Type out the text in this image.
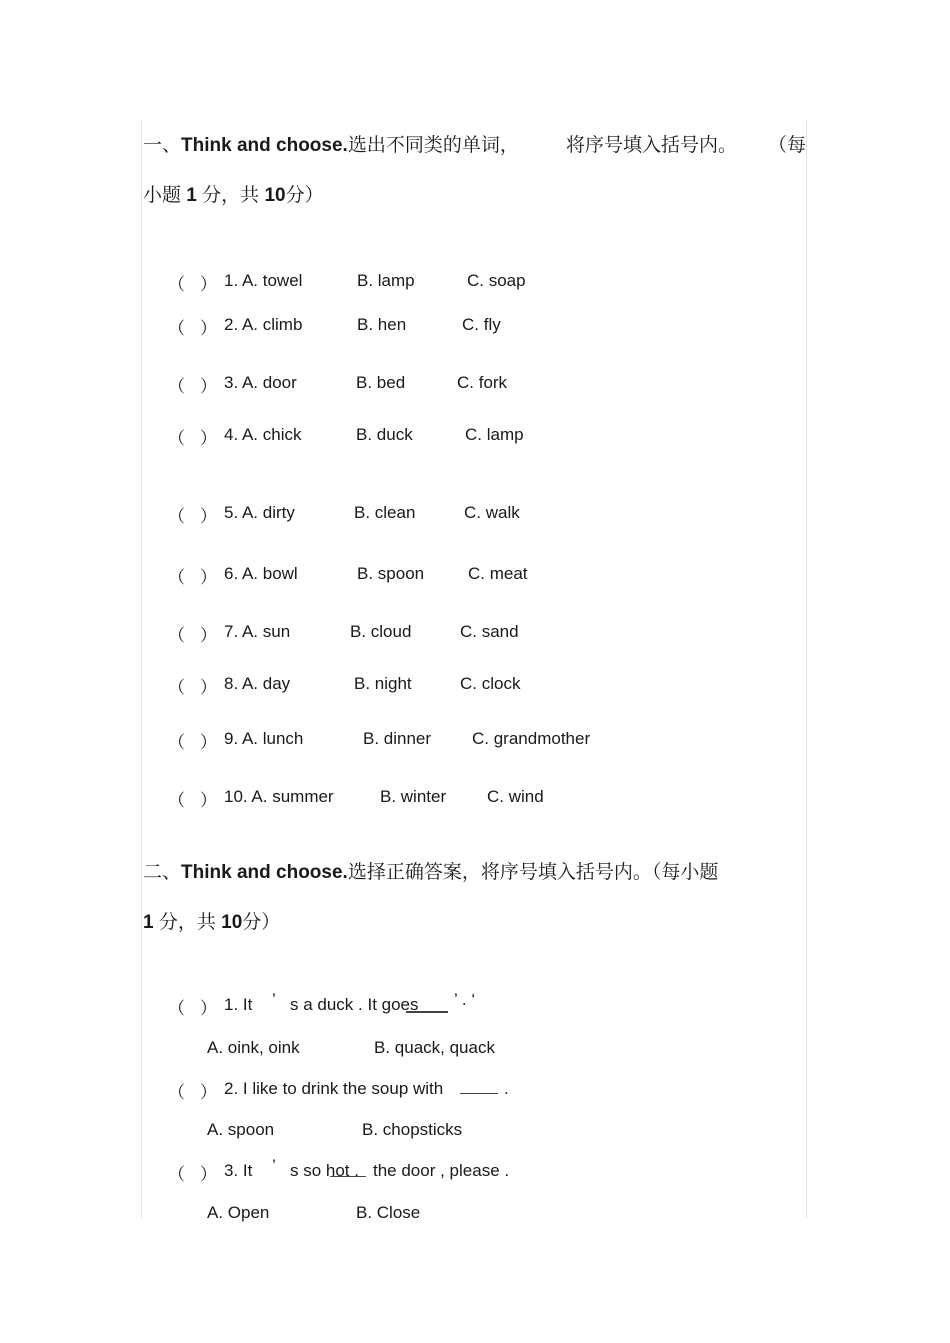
一、Think and choose.选出不同类的单词， 将序号填入括号内。 （每
小题 1 分，共 10分）
（ ） 1. A. towel	B. lamp	C. soap
（ ） 2. A. climb	B. hen	C. fly
（ ） 3. A. door	B. bed	C. fork
（ ） 4. A. chick	B. duck	C. lamp
（ ） 5. A. dirty	B. clean	C. walk
（ ） 6. A. bowl	B. spoon	C. meat
（ ） 7. A. sun	B. cloud	C. sand
（ ） 8. A. day	B. night	C. clock
（ ） 9. A. lunch	B. dinner C. grandmother
（ ） 10. A. summer	B. winter C. wind
二、Think and choose.选择正确答案，将序号填入括号内。（每小题
1 分，共 10分）
（ ） 1. It ’ s a duck . It goes ’ . ‘
A. oink, oink	B. quack, quack
（ ） 2. I like to drink the soup with	.
A. spoon	B. chopsticks
（ ） 3. It ’ s so hot . the door , please .
A. Open	B. Close
